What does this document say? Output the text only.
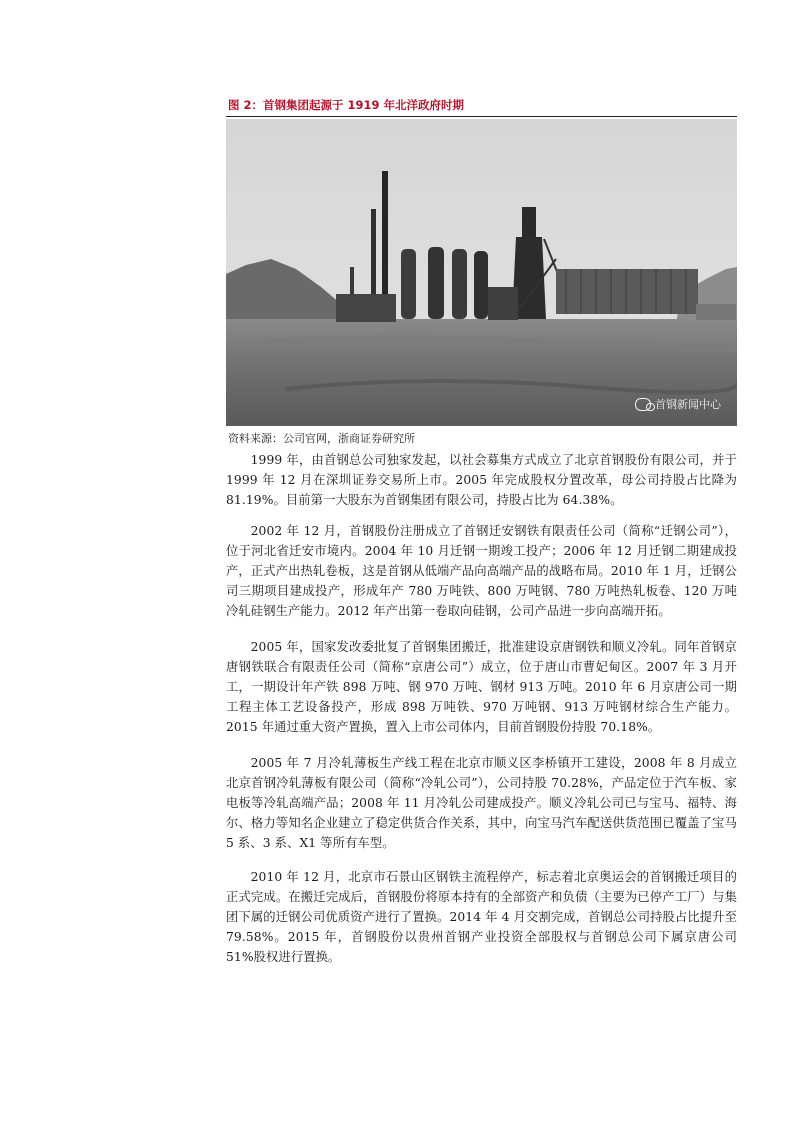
图 2：首钢集团起源于 1919 年北洋政府时期
首钢新闻中心
资料来源：公司官网，浙商证券研究所

1999 年，由首钢总公司独家发起，以社会募集方式成立了北京首钢股份有限公司，并于 1999 年 12 月在深圳证券交易所上市。2005 年完成股权分置改革，母公司持股占比降为 81.19%。目前第一大股东为首钢集团有限公司，持股占比为 64.38%。

2002 年 12 月，首钢股份注册成立了首钢迁安钢铁有限责任公司（简称“迁钢公司”），位于河北省迁安市境内。2004 年 10 月迁钢一期竣工投产；2006 年 12 月迁钢二期建成投产，正式产出热轧卷板，这是首钢从低端产品向高端产品的战略布局。2010 年 1 月，迁钢公司三期项目建成投产，形成年产 780 万吨铁、800 万吨钢、780 万吨热轧板卷、120 万吨冷轧硅钢生产能力。2012 年产出第一卷取向硅钢，公司产品进一步向高端开拓。

2005 年，国家发改委批复了首钢集团搬迁，批准建设京唐钢铁和顺义冷轧。同年首钢京唐钢铁联合有限责任公司（简称“京唐公司”）成立，位于唐山市曹妃甸区。2007 年 3 月开工，一期设计年产铁 898 万吨、钢 970 万吨、钢材 913 万吨。2010 年 6 月京唐公司一期工程主体工艺设备投产，形成 898 万吨铁、970 万吨钢、913 万吨钢材综合生产能力。2015 年通过重大资产置换，置入上市公司体内，目前首钢股份持股 70.18%。

2005 年 7 月冷轧薄板生产线工程在北京市顺义区李桥镇开工建设，2008 年 8 月成立北京首钢冷轧薄板有限公司（简称“冷轧公司”），公司持股 70.28%，产品定位于汽车板、家电板等冷轧高端产品；2008 年 11 月冷轧公司建成投产。顺义冷轧公司已与宝马、福特、海尔、格力等知名企业建立了稳定供货合作关系，其中，向宝马汽车配送供货范围已覆盖了宝马 5 系、3 系、X1 等所有车型。

2010 年 12 月，北京市石景山区钢铁主流程停产，标志着北京奥运会的首钢搬迁项目的正式完成。在搬迁完成后，首钢股份将原本持有的全部资产和负债（主要为已停产工厂）与集团下属的迁钢公司优质资产进行了置换。2014 年 4 月交割完成，首钢总公司持股占比提升至 79.58%。2015 年，首钢股份以贵州首钢产业投资全部股权与首钢总公司下属京唐公司 51%股权进行置换。
